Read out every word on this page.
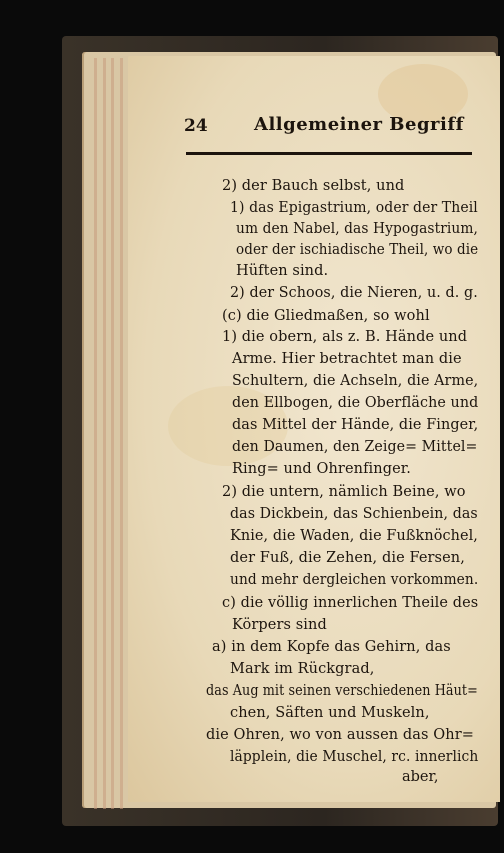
24	Allgemeiner Begriff
2) der Bauch selbst, und
1) das Epigastrium, oder der Theil
um den Nabel, das Hypogastrium,
oder der ischiadische Theil, wo die
Hüften sind.
2) der Schoos, die Nieren, u. d. g.
(c) die Gliedmaßen, so wohl
1) die obern, als z. B. Hände und
Arme. Hier betrachtet man die
Schultern, die Achseln, die Arme,
den Ellbogen, die Oberfläche und
das Mittel der Hände, die Finger,
den Daumen, den Zeige= Mittel=
Ring= und Ohrenfinger.
2) die untern, nämlich Beine, wo
das Dickbein, das Schienbein, das
Knie, die Waden, die Fußknöchel,
der Fuß, die Zehen, die Fersen,
und mehr dergleichen vorkommen.
c) die völlig innerlichen Theile des
Körpers sind
a) in dem Kopfe das Gehirn, das
Mark im Rückgrad,
das Aug mit seinen verschiedenen Häut=
chen, Säften und Muskeln,
die Ohren, wo von aussen das Ohr=
läpplein, die Muschel, rc. innerlich
aber,
